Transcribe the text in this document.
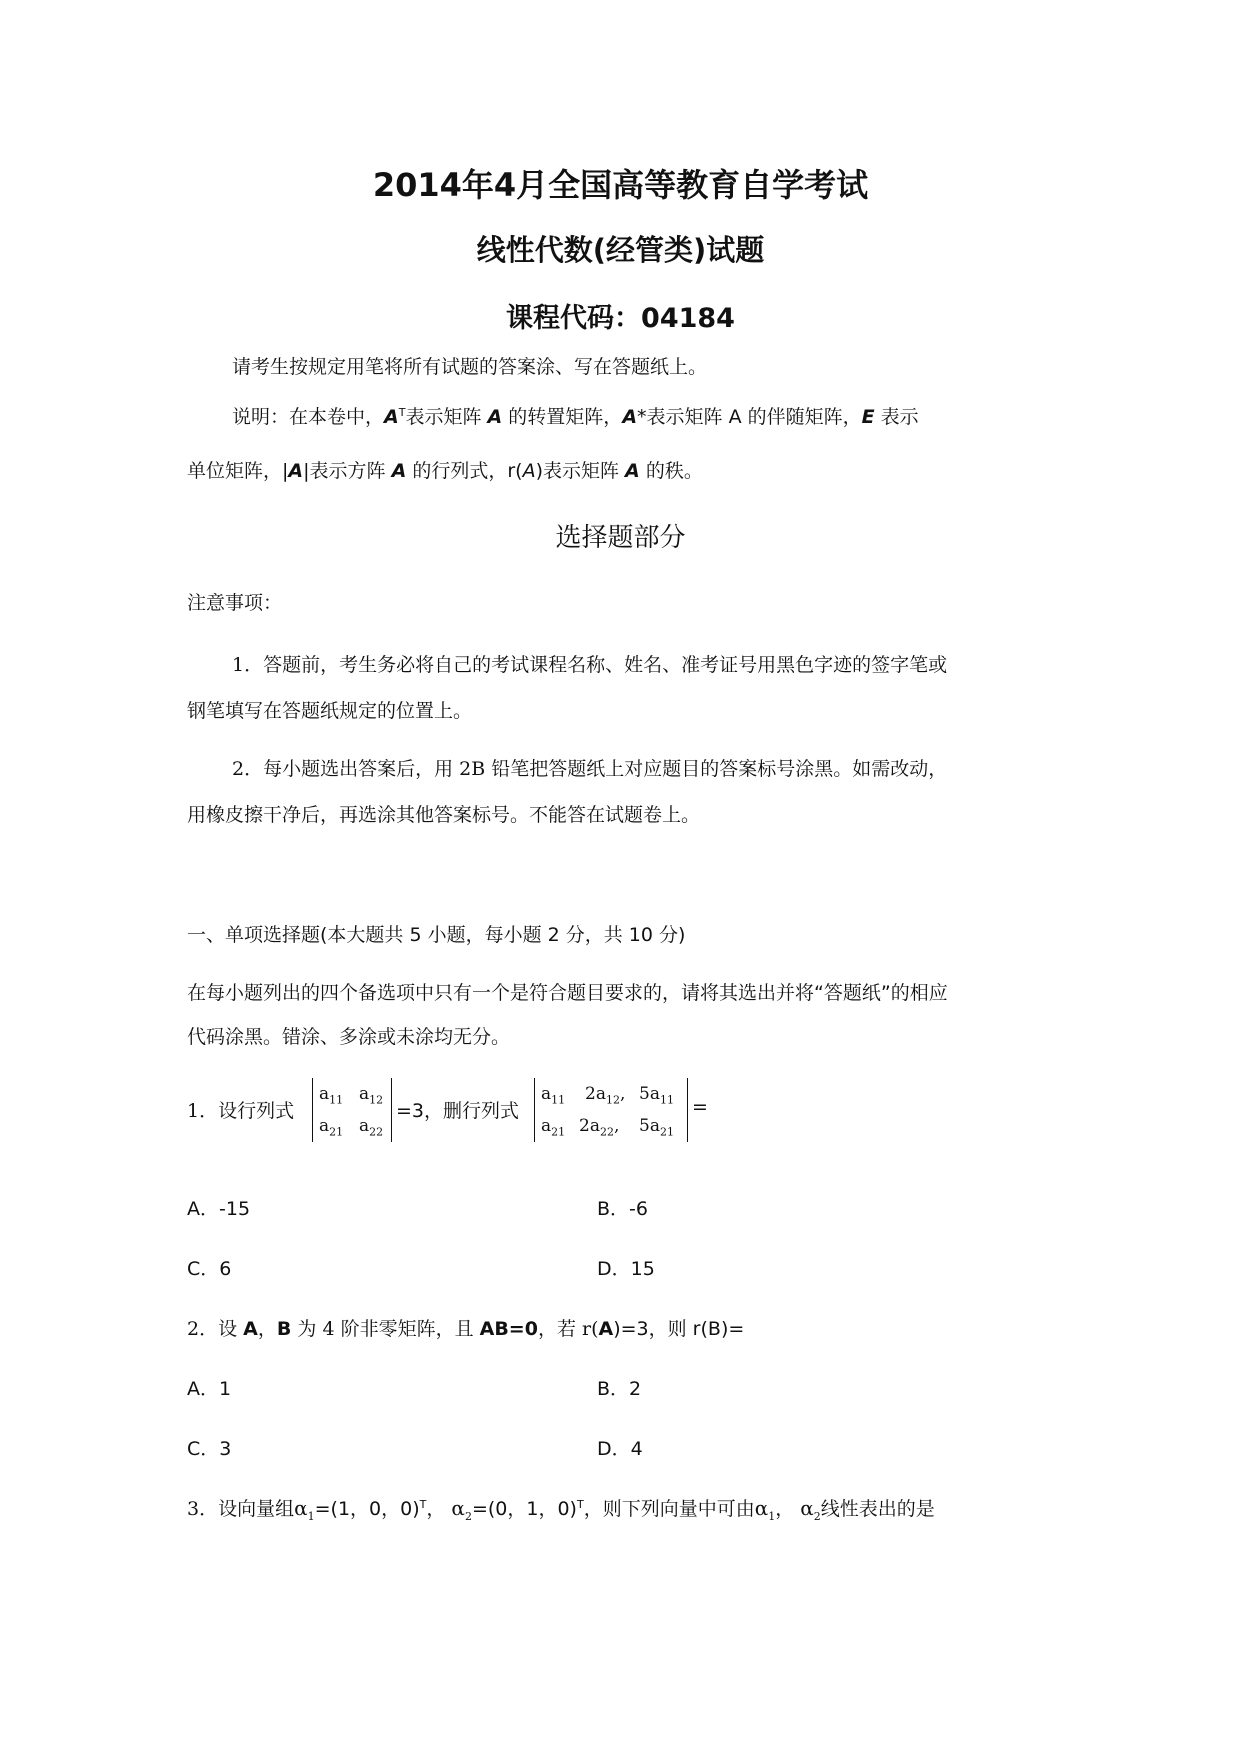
2014年4月全国高等教育自学考试
线性代数(经管类)试题
课程代码：04184
请考生按规定用笔将所有试题的答案涂、写在答题纸上。
说明：在本卷中，$A^T$表示矩阵 A 的转置矩阵，A*表示矩阵 A 的伴随矩阵，E 表示
单位矩阵，|A|表示方阵 A 的行列式，r(A)表示矩阵 A 的秩。
选择题部分
注意事项：
1．答题前，考生务必将自己的考试课程名称、姓名、准考证号用黑色字迹的签字笔或
钢笔填写在答题纸规定的位置上。
2．每小题选出答案后，用 2B 铅笔把答题纸上对应题目的答案标号涂黑。如需改动，
用橡皮擦干净后，再选涂其他答案标号。不能答在试题卷上。
一、单项选择题(本大题共 5 小题，每小题 2 分，共 10 分)
在每小题列出的四个备选项中只有一个是符合题目要求的，请将其选出并将“答题纸”的相应
代码涂黑。错涂、多涂或未涂均无分。
1．设行列式
$a_{11}$ $a_{12}$
$a_{21}$ $a_{22}$
=3，删行列式
$a_{11}$ $2a_{12}$, $5a_{11}$
$a_{21}$ $2a_{22}$, $5a_{21}$
=
A．-15	B．-6
C．6	D．15
2．设 A，B 为 4 阶非零矩阵，且 AB=0，若 r(A)=3，则 r(B)=
A．1	B．2
C．3	D．4
3．设向量组$\alpha_1=(1$，0，0)$^T$， $\alpha_2=(0$，1，0)$^T$，则下列向量中可由$\alpha_1$， $\alpha_2$线性表出的是
